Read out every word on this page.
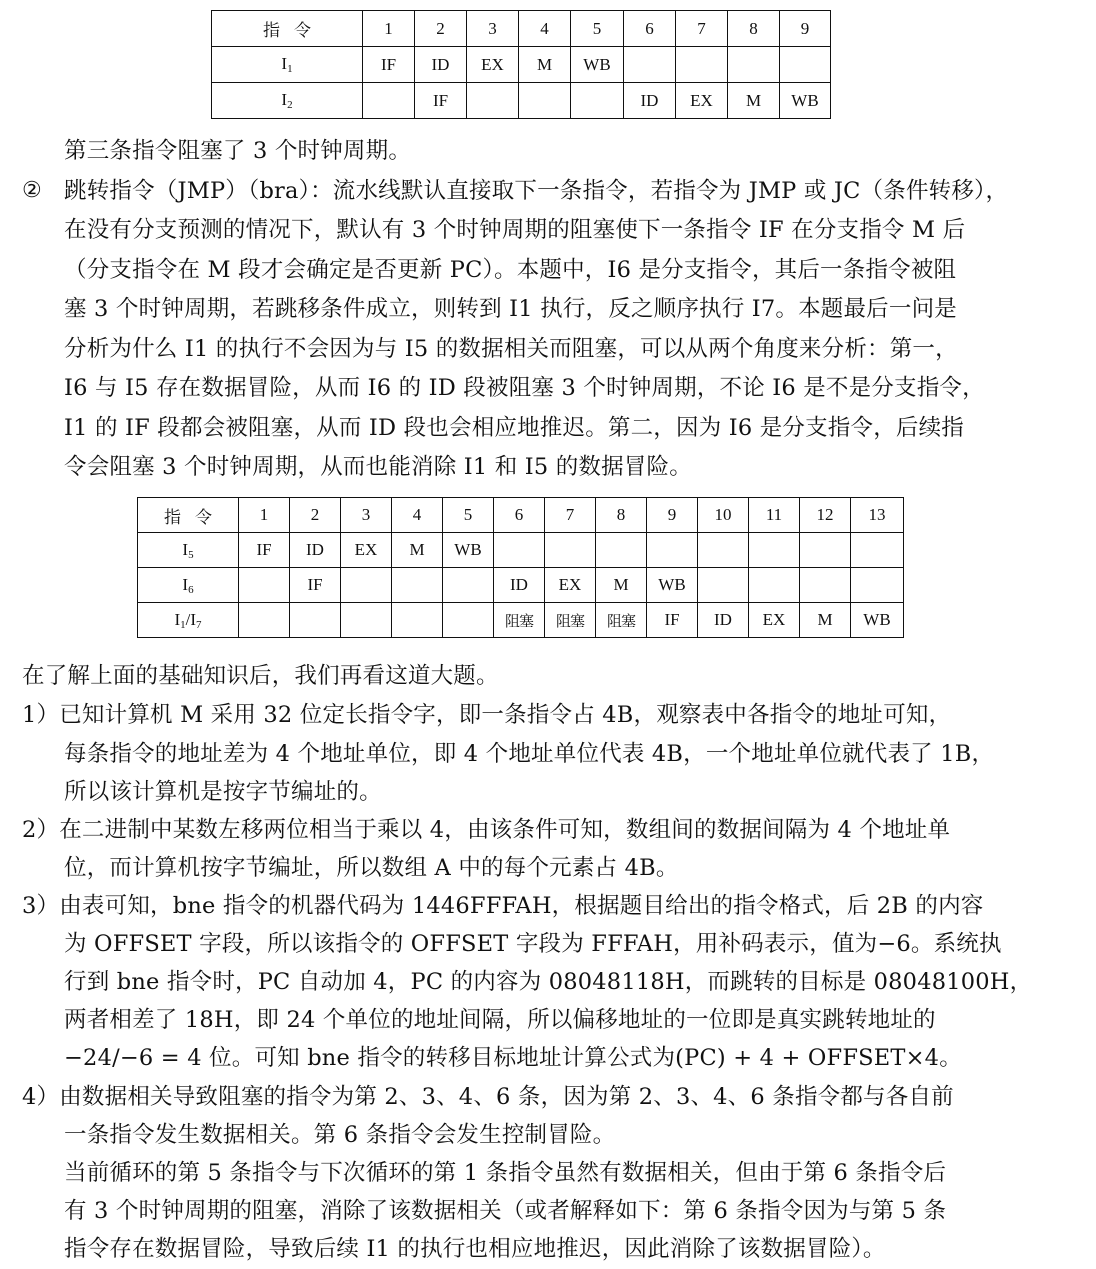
指令	1	2	3	4	5	6	7	8	9
$I_1$	IF	ID	EX	M	WB				
$I_2$		IF				ID	EX	M	WB
第三条指令阻塞了 3 个时钟周期。
② 跳转指令（JMP）（bra）：流水线默认直接取下一条指令，若指令为 JMP 或 JC（条件转移），
在没有分支预测的情况下，默认有 3 个时钟周期的阻塞使下一条指令 IF 在分支指令 M 后
（分支指令在 M 段才会确定是否更新 PC）。本题中，I6 是分支指令，其后一条指令被阻
塞 3 个时钟周期，若跳移条件成立，则转到 I1 执行，反之顺序执行 I7。本题最后一问是
分析为什么 I1 的执行不会因为与 I5 的数据相关而阻塞，可以从两个角度来分析：第一，
I6 与 I5 存在数据冒险，从而 I6 的 ID 段被阻塞 3 个时钟周期，不论 I6 是不是分支指令，
I1 的 IF 段都会被阻塞，从而 ID 段也会相应地推迟。第二，因为 I6 是分支指令，后续指
令会阻塞 3 个时钟周期，从而也能消除 I1 和 I5 的数据冒险。
指令	1	2	3	4	5	6	7	8	9	10	11	12	13
$I_5$	IF	ID	EX	M	WB								
$I_6$		IF				ID	EX	M	WB				
$I_1/I_7$						阻塞	阻塞	阻塞	IF	ID	EX	M	WB
在了解上面的基础知识后，我们再看这道大题。
1）已知计算机 M 采用 32 位定长指令字，即一条指令占 4B，观察表中各指令的地址可知，
每条指令的地址差为 4 个地址单位，即 4 个地址单位代表 4B，一个地址单位就代表了 1B，
所以该计算机是按字节编址的。
2）在二进制中某数左移两位相当于乘以 4，由该条件可知，数组间的数据间隔为 4 个地址单
位，而计算机按字节编址，所以数组 A 中的每个元素占 4B。
3）由表可知，bne 指令的机器代码为 1446FFFAH，根据题目给出的指令格式，后 2B 的内容
为 OFFSET 字段，所以该指令的 OFFSET 字段为 FFFAH，用补码表示，值为−6。系统执
行到 bne 指令时，PC 自动加 4，PC 的内容为 08048118H，而跳转的目标是 08048100H，
两者相差了 18H，即 24 个单位的地址间隔，所以偏移地址的一位即是真实跳转地址的
−24/−6 = 4 位。可知 bne 指令的转移目标地址计算公式为(PC) + 4 + OFFSET×4。
4）由数据相关导致阻塞的指令为第 2、3、4、6 条，因为第 2、3、4、6 条指令都与各自前
一条指令发生数据相关。第 6 条指令会发生控制冒险。
当前循环的第 5 条指令与下次循环的第 1 条指令虽然有数据相关，但由于第 6 条指令后
有 3 个时钟周期的阻塞，消除了该数据相关（或者解释如下：第 6 条指令因为与第 5 条
指令存在数据冒险，导致后续 I1 的执行也相应地推迟，因此消除了该数据冒险）。
